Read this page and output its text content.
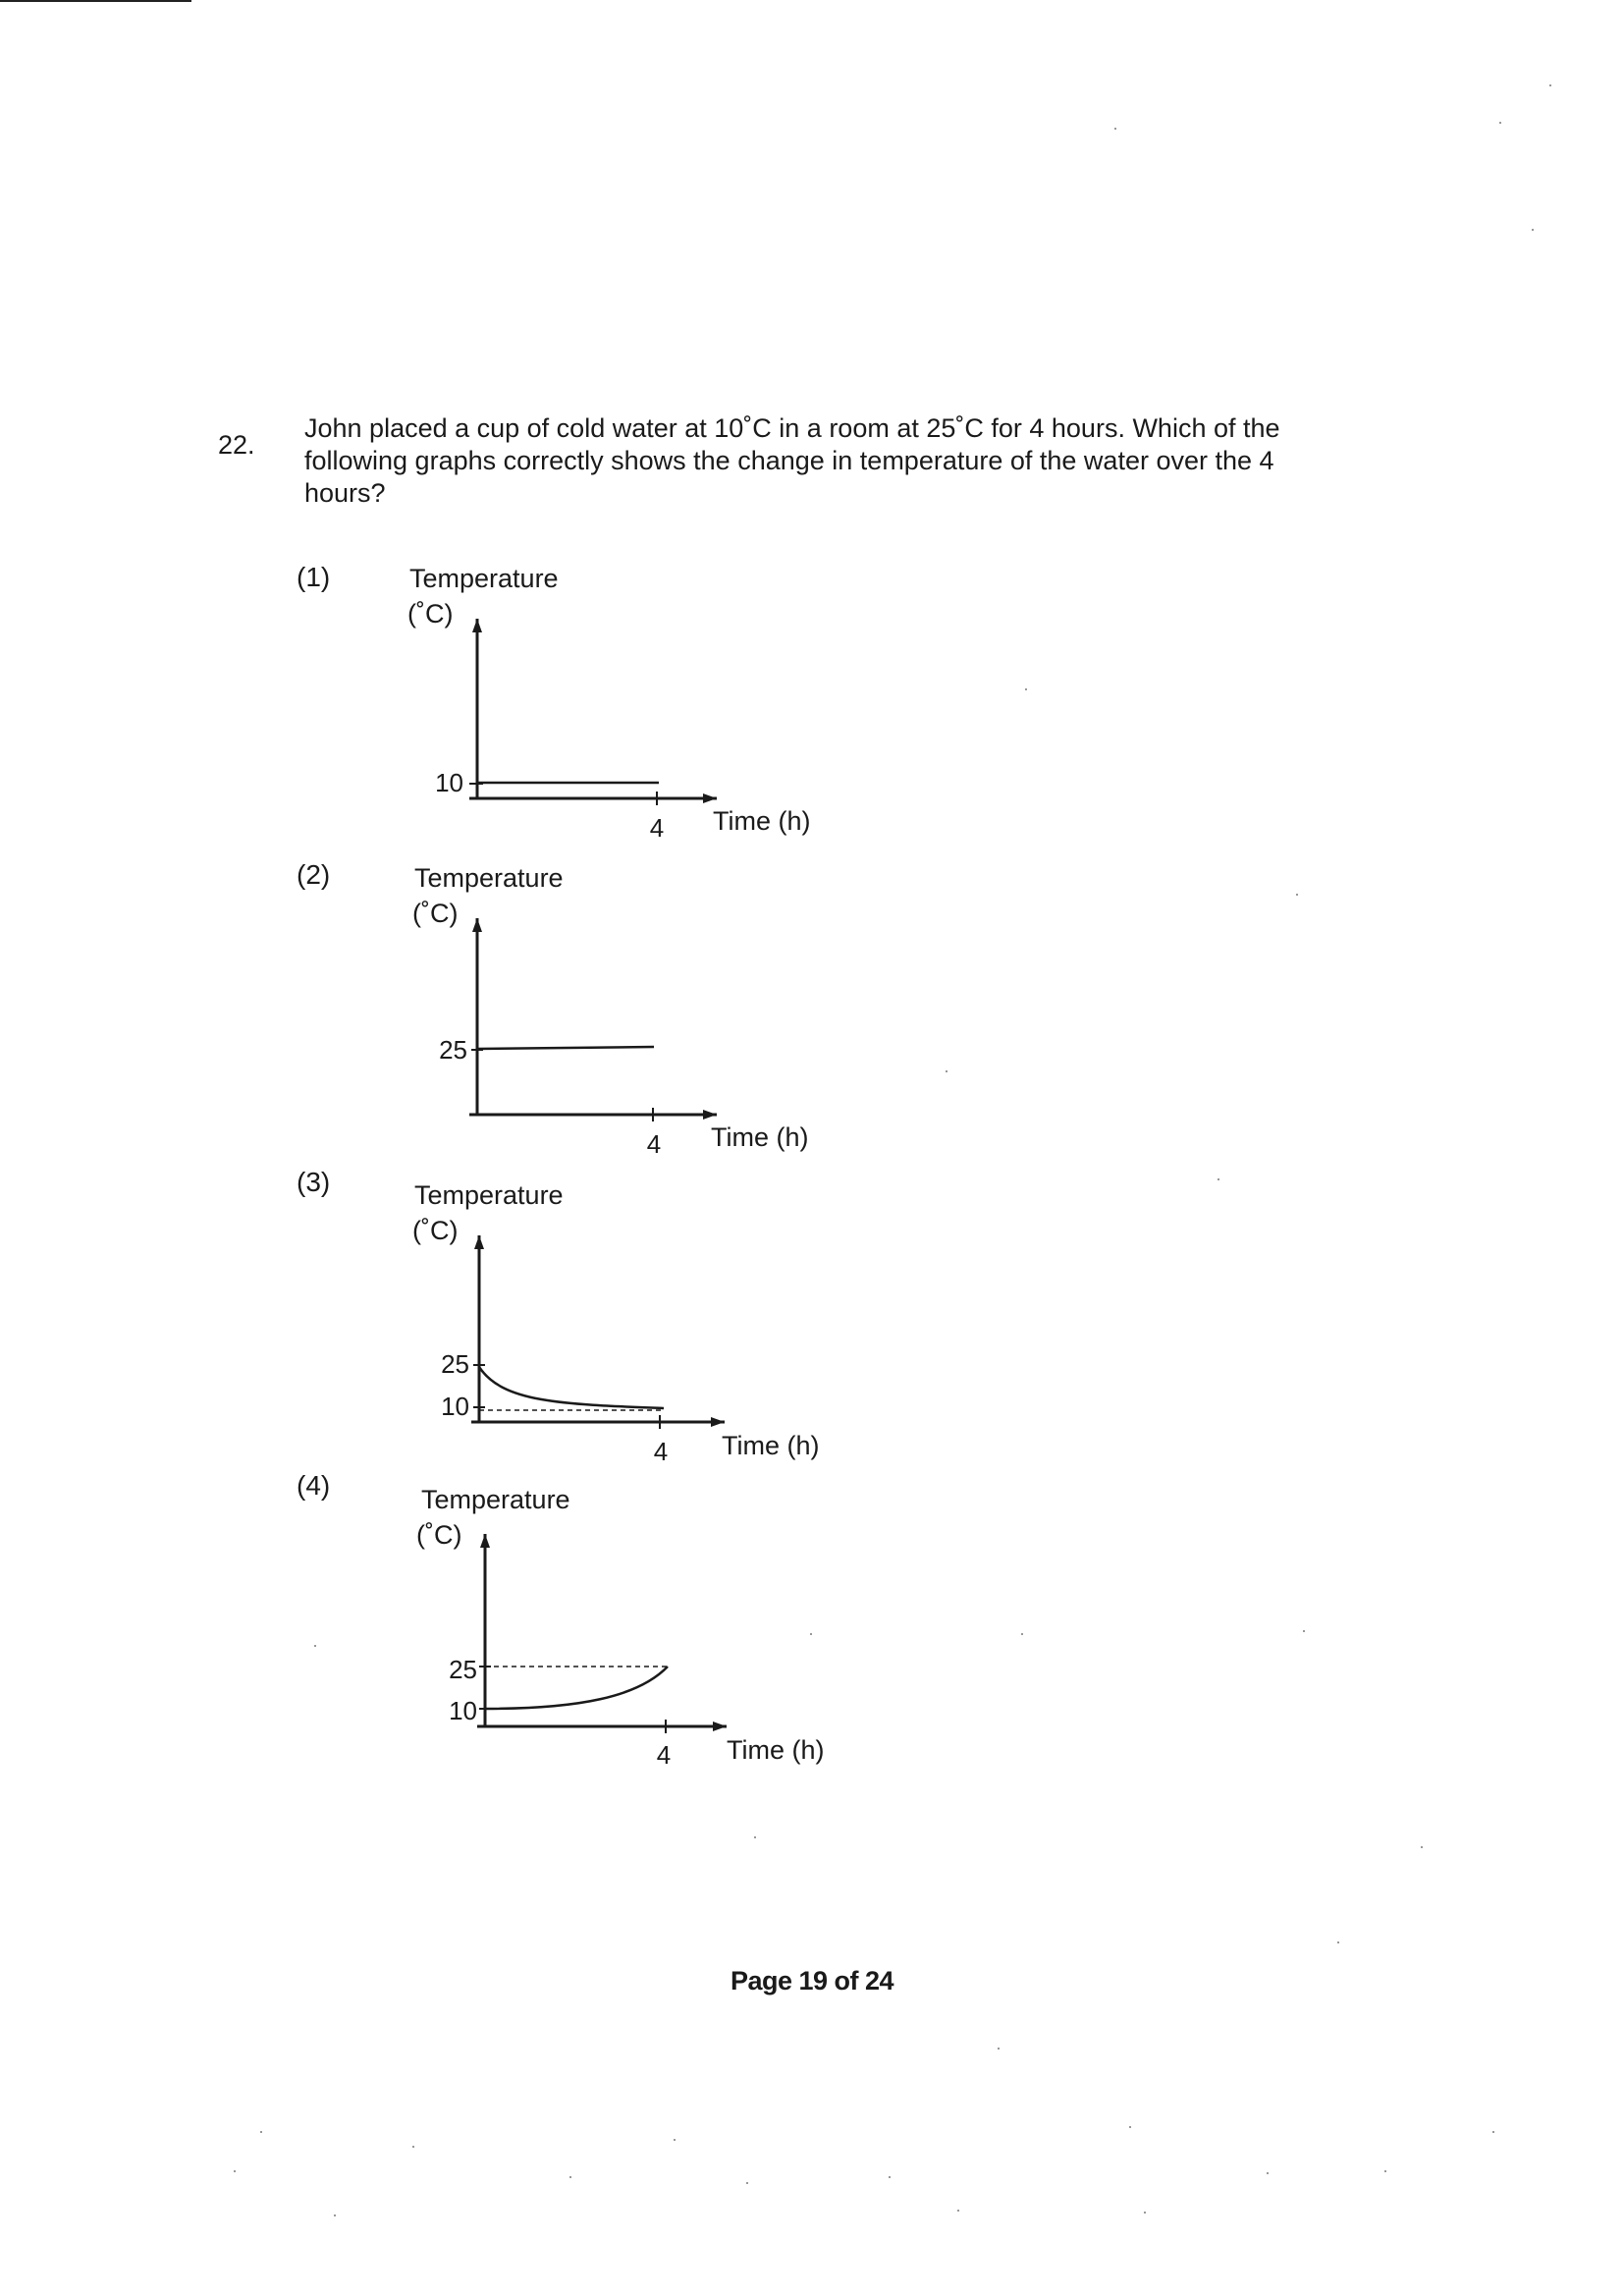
22.
John placed a cup of cold water at 10˚C in a room at 25˚C for 4 hours. Which of the following graphs correctly shows the change in temperature of the water over the 4 hours?
(1)
(2)
(3)
(4)
Temperature
(˚C)
10
4 Time (h)
Temperature
(˚C)
25
4 Time (h)
Temperature
(˚C)
25
10
4 Time (h)
Temperature
(˚C)
25
10
4 Time (h)
Page 19 of 24
